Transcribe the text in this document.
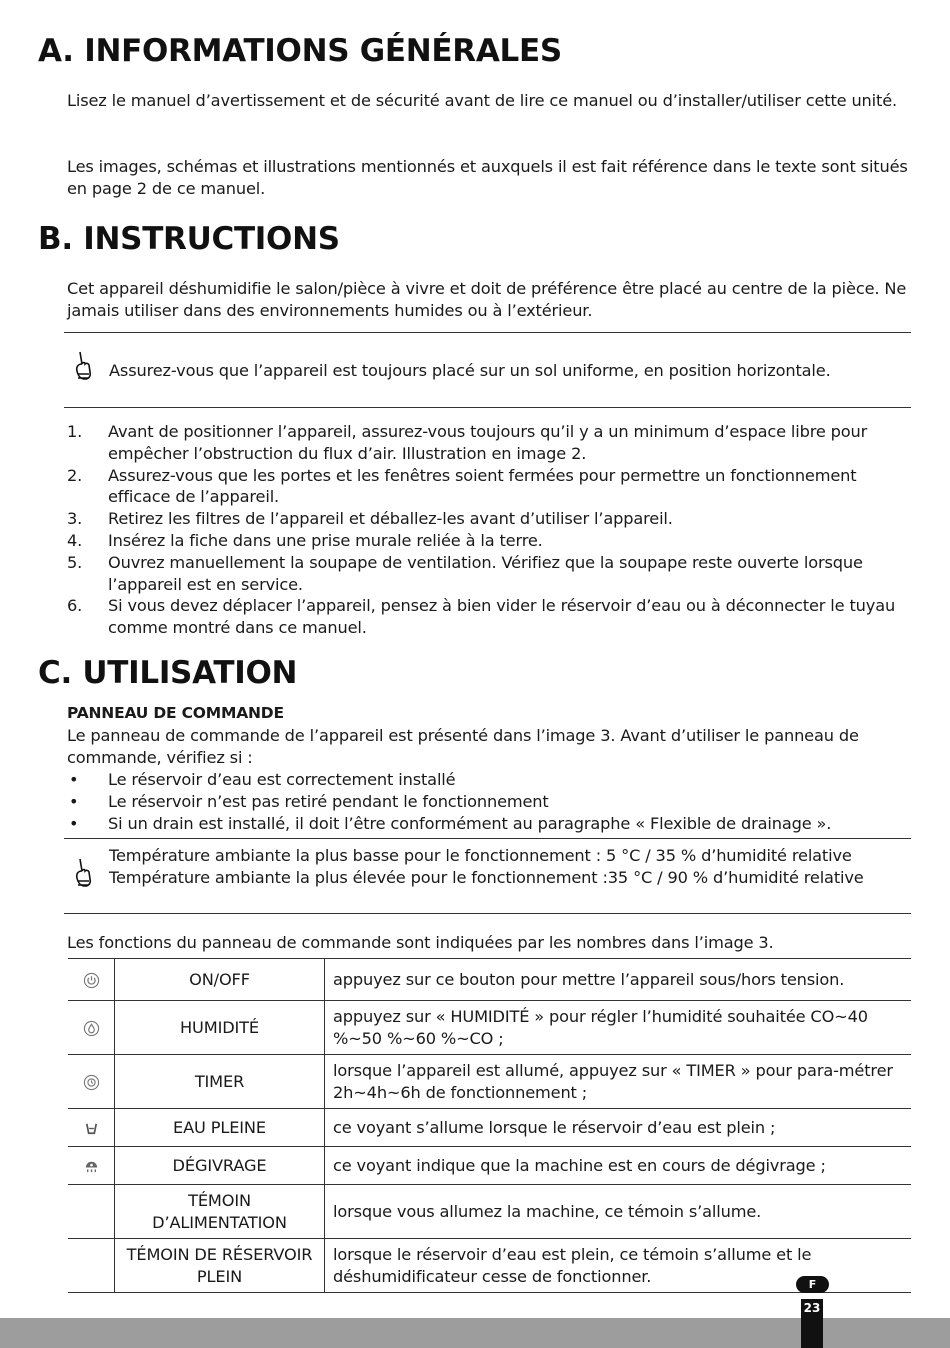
A. INFORMATIONS GÉNÉRALES

Lisez le manuel d’avertissement et de sécurité avant de lire ce manuel ou d’installer/utiliser cette unité.

Les images, schémas et illustrations mentionnés et auxquels il est fait référence dans le texte sont situés en page 2 de ce manuel.

B. INSTRUCTIONS

Cet appareil déshumidifie le salon/pièce à vivre et doit de préférence être placé au centre de la pièce. Ne jamais utiliser dans des environnements humides ou à l’extérieur.

Assurez-vous que l’appareil est toujours placé sur un sol uniforme, en position horizontale.
1. Avant de positionner l’appareil, assurez-vous toujours qu’il y a un minimum d’espace libre pour empêcher l’obstruction du flux d’air. Illustration en image 2.
2. Assurez-vous que les portes et les fenêtres soient fermées pour permettre un fonctionnement efficace de l’appareil.
3. Retirez les filtres de l’appareil et déballez-les avant d’utiliser l’appareil.
4. Insérez la fiche dans une prise murale reliée à la terre.
5. Ouvrez manuellement la soupape de ventilation. Vérifiez que la soupape reste ouverte lorsque l’appareil est en service.
6. Si vous devez déplacer l’appareil, pensez à bien vider le réservoir d’eau ou à déconnecter le tuyau comme montré dans ce manuel.
C. UTILISATION
PANNEAU DE COMMANDE

Le panneau de commande de l’appareil est présenté dans l’image 3. Avant d’utiliser le panneau de commande, vérifiez si :

• Le réservoir d’eau est correctement installé
• Le réservoir n’est pas retiré pendant le fonctionnement
• Si un drain est installé, il doit l’être conformément au paragraphe « Flexible de drainage ».
Température ambiante la plus basse pour le fonctionnement : 5 °C / 35 % d’humidité relative
Température ambiante la plus élevée pour le fonctionnement :35 °C / 90 % d’humidité relative

Les fonctions du panneau de commande sont indiquées par les nombres dans l’image 3.

	ON/OFF	appuyez sur ce bouton pour mettre l’appareil sous/hors tension.
	HUMIDITÉ	appuyez sur « HUMIDITÉ » pour régler l’humidité souhaitée CO~40 %~50 %~60 %~CO ;
	TIMER	lorsque l’appareil est allumé, appuyez sur « TIMER » pour para-métrer 2h~4h~6h de fonctionnement ;
	EAU PLEINE	ce voyant s’allume lorsque le réservoir d’eau est plein ;
	DÉGIVRAGE	ce voyant indique que la machine est en cours de dégivrage ;
	TÉMOIN D’ALIMENTATION	lorsque vous allumez la machine, ce témoin s’allume.
	TÉMOIN DE RÉSERVOIR PLEIN	lorsque le réservoir d’eau est plein, ce témoin s’allume et le déshumidificateur cesse de fonctionner.	F
23
